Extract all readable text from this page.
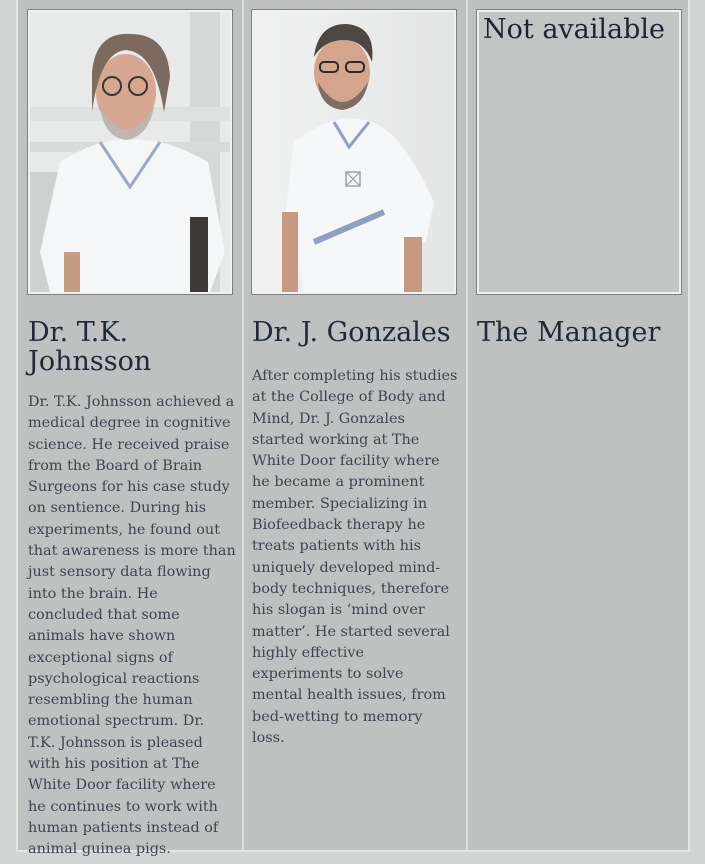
Dr. T.K. Johnsson

Dr. T.K. Johnsson achieved a medical degree in cognitive science. He received praise from the Board of Brain Surgeons for his case study on sentience. During his experiments, he found out that awareness is more than just sensory data flowing into the brain. He concluded that some animals have shown exceptional signs of psychological reactions resembling the human emotional spectrum. Dr. T.K. Johnsson is pleased with his position at The White Door facility where he continues to work with human patients instead of animal guinea pigs.

Dr. J. Gonzales

After completing his studies at the College of Body and Mind, Dr. J. Gonzales started working at The White Door facility where he became a prominent member. Specializing in Biofeedback therapy he treats patients with his uniquely developed mind-body techniques, therefore his slogan is ‘mind over matter’. He started several highly effective experiments to solve mental health issues, from bed-wetting to memory loss.

Not available
The Manager
